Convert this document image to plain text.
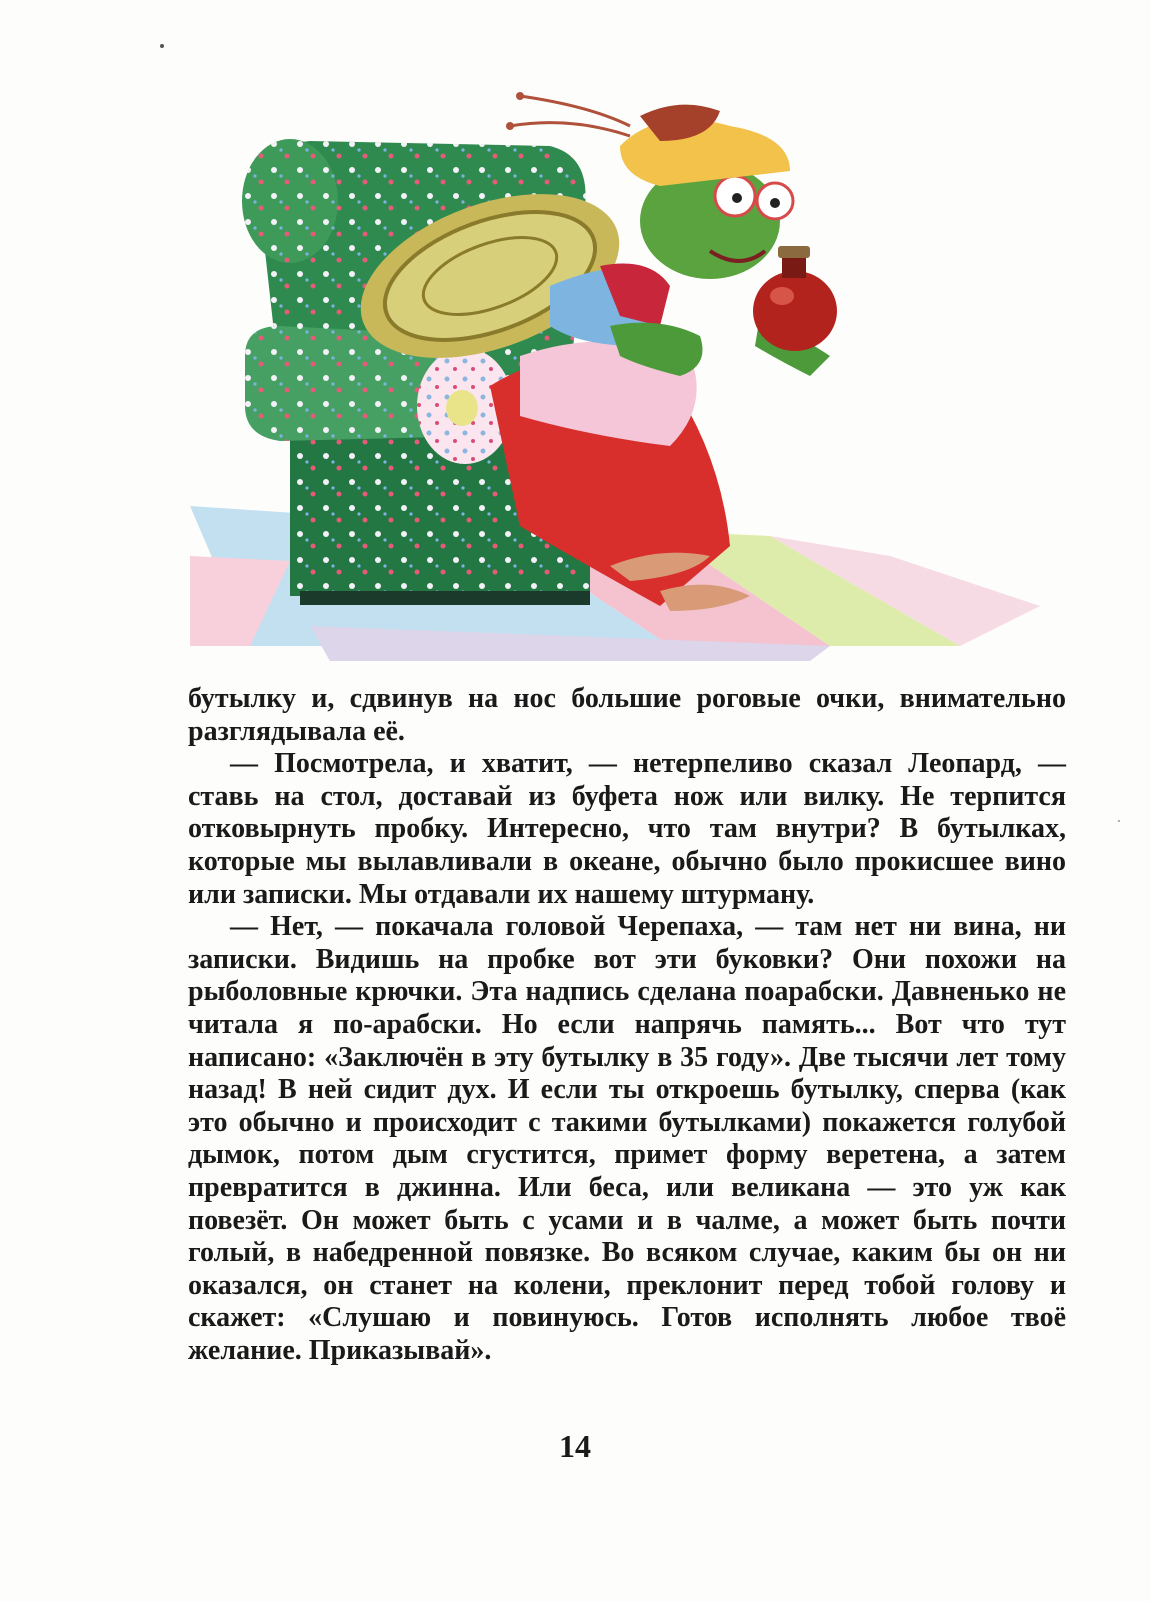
бутылку и, сдвинув на нос большие роговые очки, внимательно разглядывала её.

— Посмотрела, и хватит, — нетерпеливо сказал Леопард, — ставь на стол, доставай из буфета нож или вилку. Не терпится отковырнуть пробку. Интересно, что там внутри? В бутылках, которые мы вылавливали в океане, обычно было прокисшее вино или записки. Мы отдавали их нашему штурману.

— Нет, — покачала головой Черепаха, — там нет ни вина, ни записки. Видишь на пробке вот эти буковки? Они похожи на рыболовные крючки. Эта надпись сделана поарабски. Давненько не читала я по-арабски. Но если напрячь память... Вот что тут написано: «Заключён в эту бутылку в 35 году». Две тысячи лет тому назад! В ней сидит дух. И если ты откроешь бутылку, сперва (как это обычно и происходит с такими бутылками) покажется голубой дымок, потом дым сгустится, примет форму веретена, а затем превратится в джинна. Или беса, или великана — это уж как повезёт. Он может быть с усами и в чалме, а может быть почти голый, в набедренной повязке. Во всяком случае, каким бы он ни оказался, он станет на колени, преклонит перед тобой голову и скажет: «Слушаю и повинуюсь. Готов исполнять любое твоё желание. Приказывай».

14
